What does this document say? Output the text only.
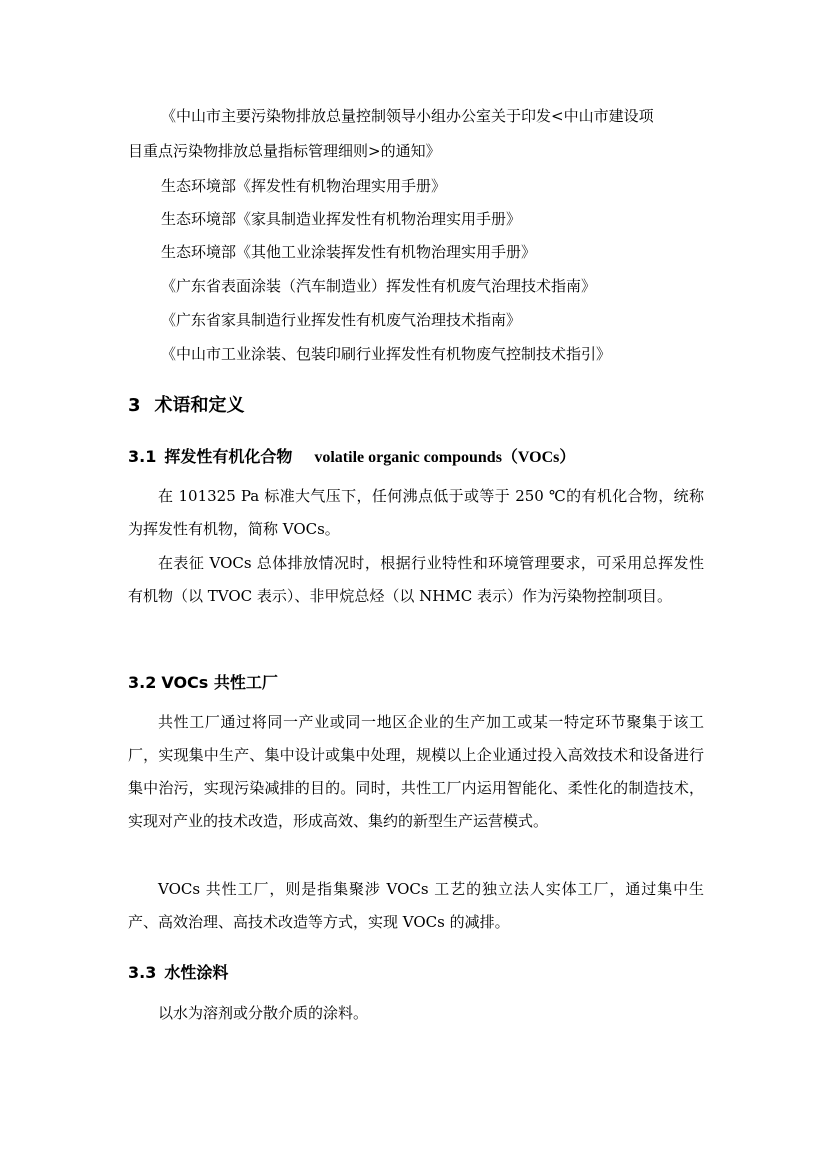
《中山市主要污染物排放总量控制领导小组办公室关于印发<中山市建设项
目重点污染物排放总量指标管理细则>的通知》
生态环境部《挥发性有机物治理实用手册》
生态环境部《家具制造业挥发性有机物治理实用手册》
生态环境部《其他工业涂装挥发性有机物治理实用手册》
《广东省表面涂装（汽车制造业）挥发性有机废气治理技术指南》
《广东省家具制造行业挥发性有机废气治理技术指南》
《中山市工业涂装、包装印刷行业挥发性有机物废气控制技术指引》
3 术语和定义
3.1 挥发性有机化合物 volatile organic compounds（VOCs）
在 101325 Pa 标准大气压下，任何沸点低于或等于 250 ℃的有机化合物，统称为挥发性有机物，简称 VOCs。
在表征 VOCs 总体排放情况时，根据行业特性和环境管理要求，可采用总挥发性有机物（以 TVOC 表示）、非甲烷总烃（以 NHMC 表示）作为污染物控制项目。
3.2 VOCs 共性工厂
共性工厂通过将同一产业或同一地区企业的生产加工或某一特定环节聚集于该工厂，实现集中生产、集中设计或集中处理，规模以上企业通过投入高效技术和设备进行集中治污，实现污染减排的目的。同时，共性工厂内运用智能化、柔性化的制造技术，实现对产业的技术改造，形成高效、集约的新型生产运营模式。
VOCs 共性工厂，则是指集聚涉 VOCs 工艺的独立法人实体工厂，通过集中生产、高效治理、高技术改造等方式，实现 VOCs 的减排。
3.3 水性涂料
以水为溶剂或分散介质的涂料。
